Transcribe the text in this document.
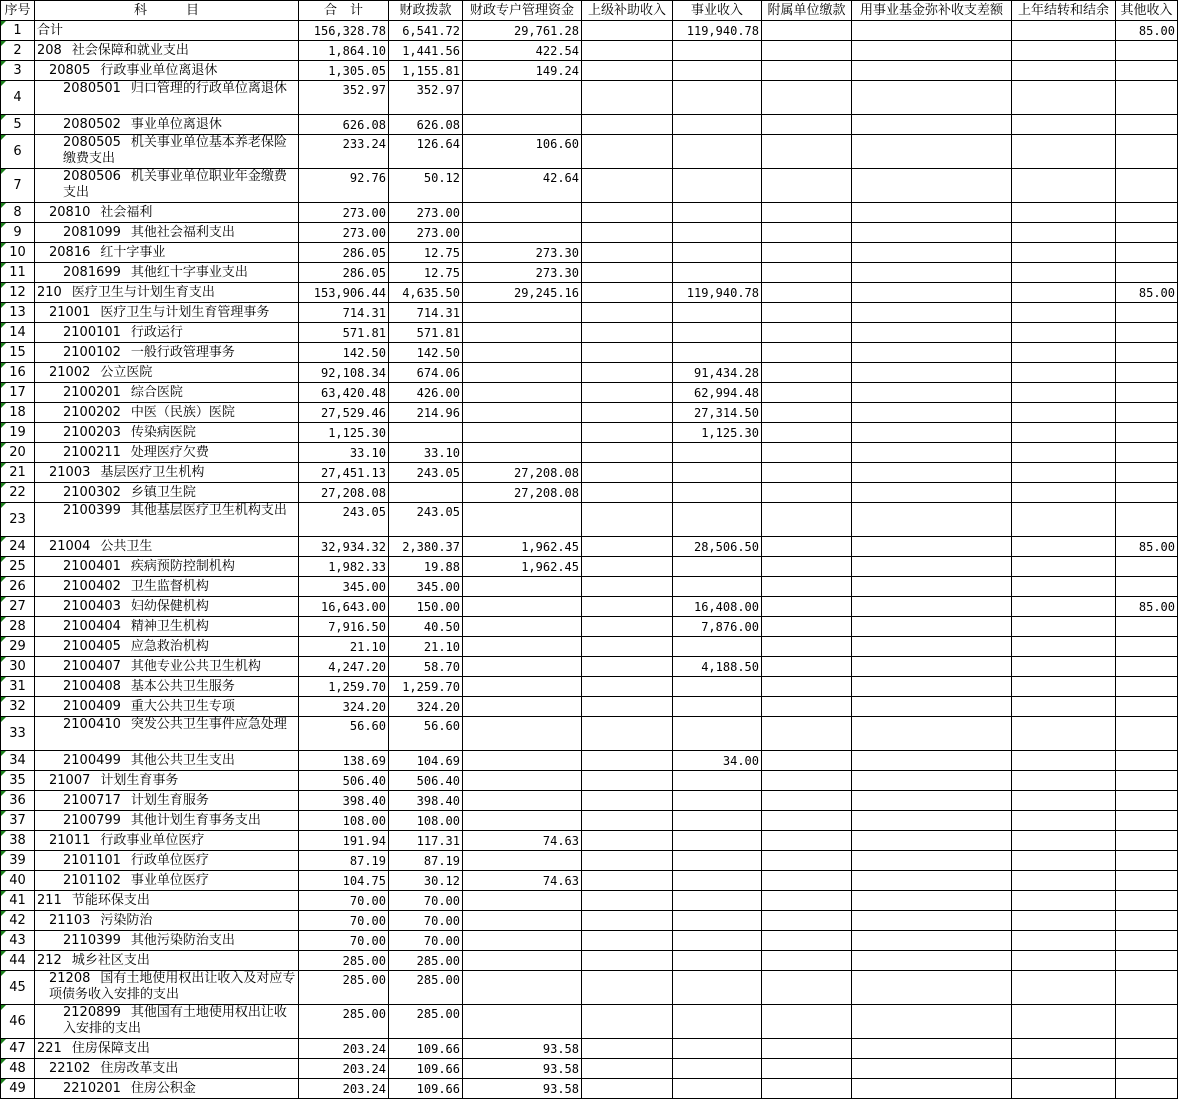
序号	科　　　目	合　计	财政拨款	财政专户管理资金	上级补助收入	事业收入	附属单位缴款	用事业基金弥补收支差额	上年结转和结余	其他收入

1	合计	156,328.78	6,541.72	29,761.28		119,940.78				85.00

2	208 社会保障和就业支出	1,864.10	1,441.56	422.54						

3	20805 行政事业单位离退休	1,305.05	1,155.81	149.24						

4	2080501 归口管理的行政单位离退休	352.97	352.97							

5	2080502 事业单位离退休	626.08	626.08							

6	2080505 机关事业单位基本养老保险缴费支出	233.24	126.64	106.60						

7	2080506 机关事业单位职业年金缴费支出	92.76	50.12	42.64						

8	20810 社会福利	273.00	273.00							

9	2081099 其他社会福利支出	273.00	273.00							

10	20816 红十字事业	286.05	12.75	273.30						

11	2081699 其他红十字事业支出	286.05	12.75	273.30						

12	210 医疗卫生与计划生育支出	153,906.44	4,635.50	29,245.16		119,940.78				85.00

13	21001 医疗卫生与计划生育管理事务	714.31	714.31							

14	2100101 行政运行	571.81	571.81							

15	2100102 一般行政管理事务	142.50	142.50							

16	21002 公立医院	92,108.34	674.06			91,434.28				

17	2100201 综合医院	63,420.48	426.00			62,994.48				

18	2100202 中医（民族）医院	27,529.46	214.96			27,314.50				

19	2100203 传染病医院	1,125.30				1,125.30				

20	2100211 处理医疗欠费	33.10	33.10							

21	21003 基层医疗卫生机构	27,451.13	243.05	27,208.08						

22	2100302 乡镇卫生院	27,208.08		27,208.08						

23	2100399 其他基层医疗卫生机构支出	243.05	243.05							

24	21004 公共卫生	32,934.32	2,380.37	1,962.45		28,506.50				85.00

25	2100401 疾病预防控制机构	1,982.33	19.88	1,962.45						

26	2100402 卫生监督机构	345.00	345.00							

27	2100403 妇幼保健机构	16,643.00	150.00			16,408.00				85.00

28	2100404 精神卫生机构	7,916.50	40.50			7,876.00				

29	2100405 应急救治机构	21.10	21.10							

30	2100407 其他专业公共卫生机构	4,247.20	58.70			4,188.50				

31	2100408 基本公共卫生服务	1,259.70	1,259.70							

32	2100409 重大公共卫生专项	324.20	324.20							

33	2100410 突发公共卫生事件应急处理	56.60	56.60							

34	2100499 其他公共卫生支出	138.69	104.69			34.00				

35	21007 计划生育事务	506.40	506.40							

36	2100717 计划生育服务	398.40	398.40							

37	2100799 其他计划生育事务支出	108.00	108.00							

38	21011 行政事业单位医疗	191.94	117.31	74.63						

39	2101101 行政单位医疗	87.19	87.19							

40	2101102 事业单位医疗	104.75	30.12	74.63						

41	211 节能环保支出	70.00	70.00							

42	21103 污染防治	70.00	70.00							

43	2110399 其他污染防治支出	70.00	70.00							

44	212 城乡社区支出	285.00	285.00							

45	21208 国有土地使用权出让收入及对应专项债务收入安排的支出	285.00	285.00							

46	2120899 其他国有土地使用权出让收入安排的支出	285.00	285.00							

47	221 住房保障支出	203.24	109.66	93.58						

48	22102 住房改革支出	203.24	109.66	93.58						

49	2210201 住房公积金	203.24	109.66	93.58						
